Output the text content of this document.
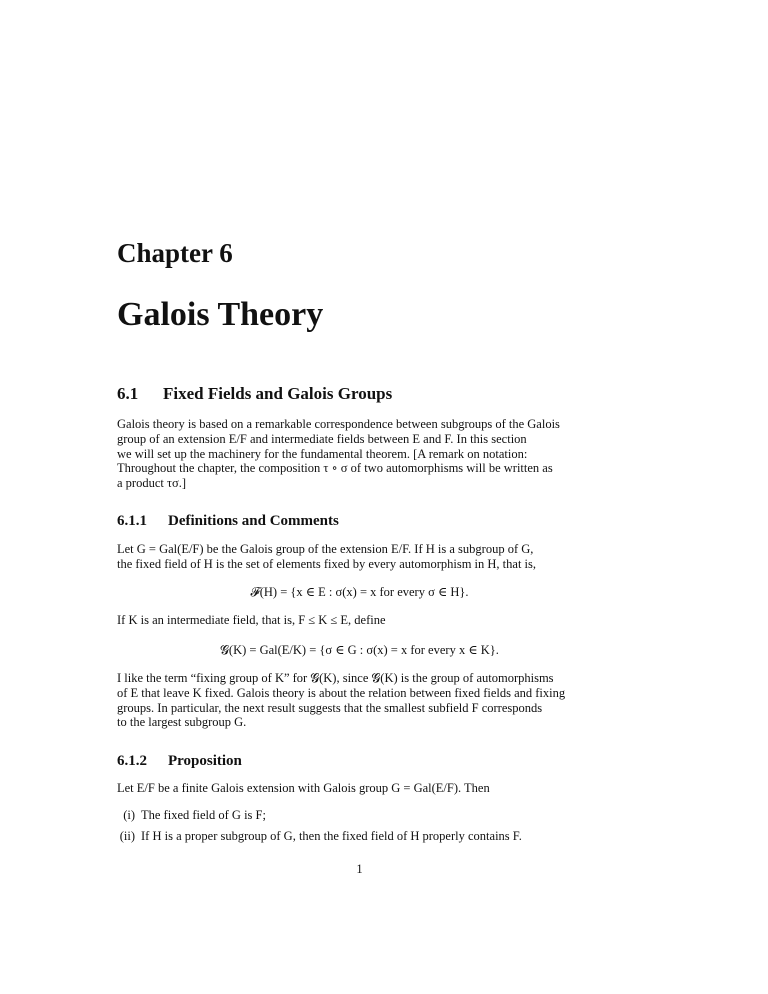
Chapter 6
Galois Theory
6.1 Fixed Fields and Galois Groups

Galois theory is based on a remarkable correspondence between subgroups of the Galois
group of an extension E/F and intermediate fields between E and F. In this section
we will set up the machinery for the fundamental theorem. [A remark on notation:
Throughout the chapter, the composition τ ∘ σ of two automorphisms will be written as
a product τσ.]

6.1.1 Definitions and Comments

Let G = Gal(E/F) be the Galois group of the extension E/F. If H is a subgroup of G,
the fixed field of H is the set of elements fixed by every automorphism in H, that is,

𝓕(H) = {x ∈ E : σ(x) = x for every σ ∈ H}.

If K is an intermediate field, that is, F ≤ K ≤ E, define

𝓖(K) = Gal(E/K) = {σ ∈ G : σ(x) = x for every x ∈ K}.

I like the term “fixing group of K” for 𝓖(K), since 𝓖(K) is the group of automorphisms
of E that leave K fixed. Galois theory is about the relation between fixed fields and fixing
groups. In particular, the next result suggests that the smallest subfield F corresponds
to the largest subgroup G.

6.1.2 Proposition

Let E/F be a finite Galois extension with Galois group G = Gal(E/F). Then

(i) The fixed field of G is F;

(ii) If H is a proper subgroup of G, then the fixed field of H properly contains F.

1
